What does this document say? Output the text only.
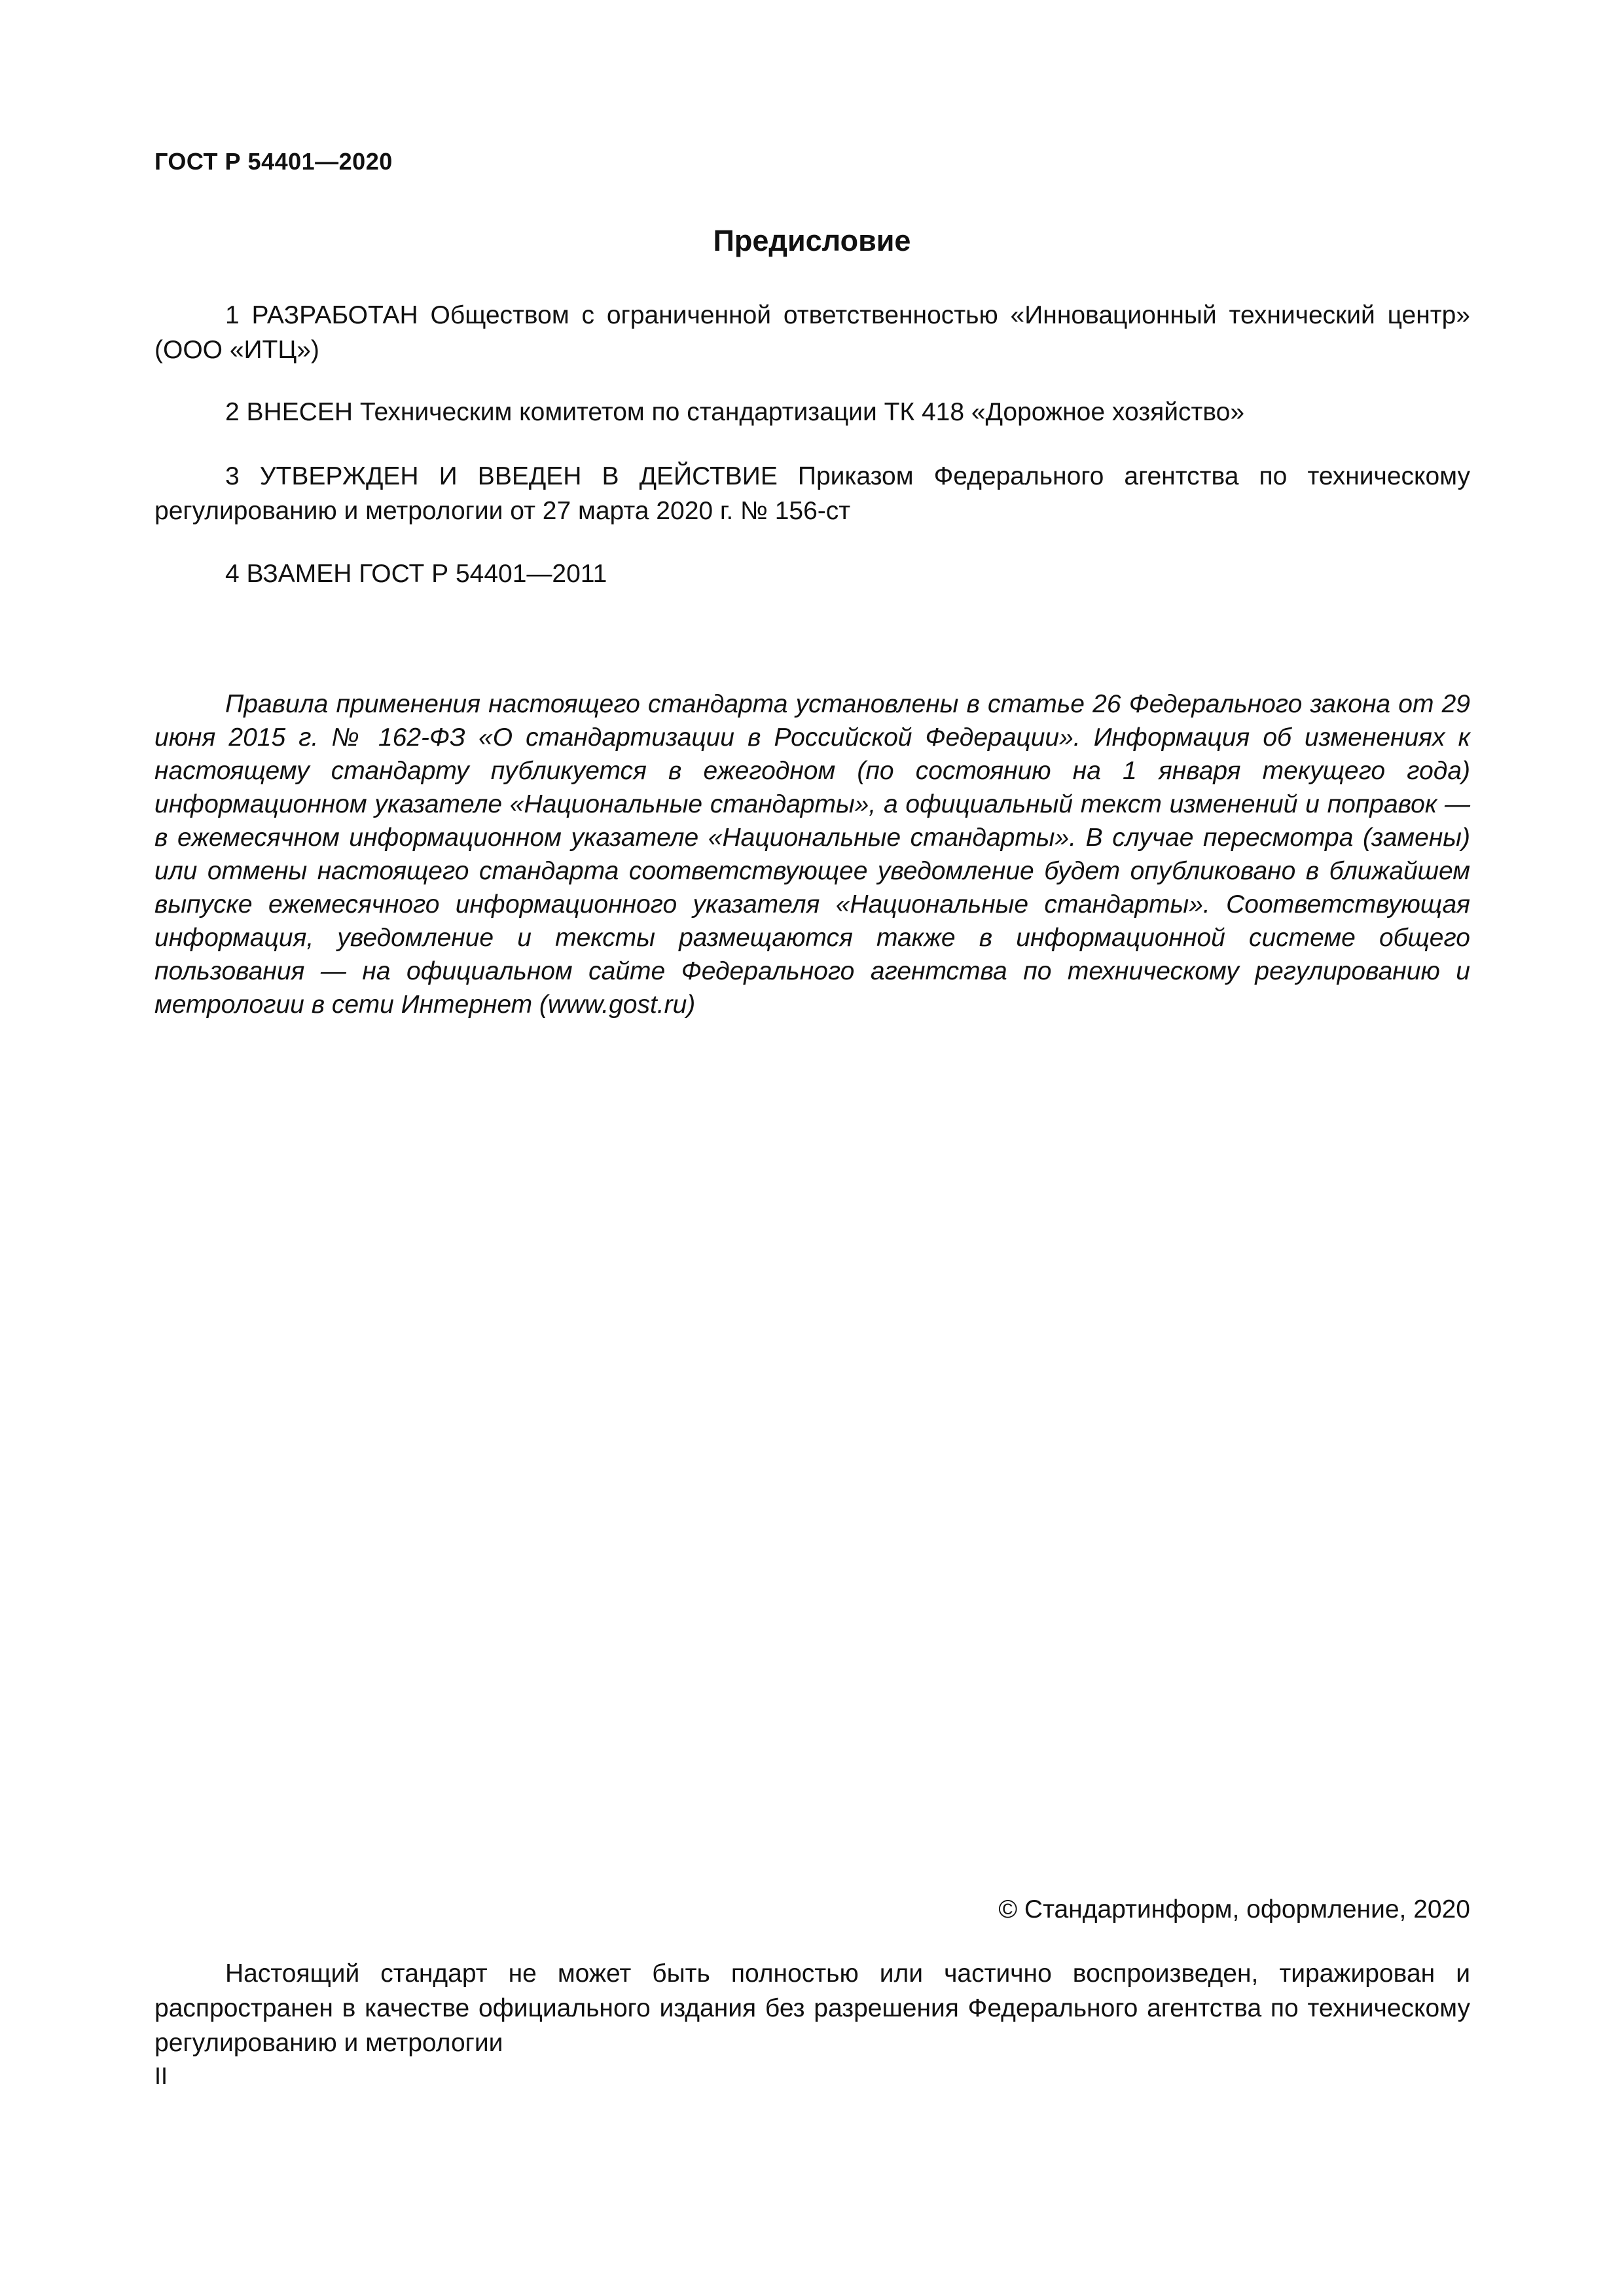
ГОСТ Р 54401—2020
Предисловие

1 РАЗРАБОТАН Обществом с ограниченной ответственностью «Инновационный технический центр» (ООО «ИТЦ»)

2 ВНЕСЕН Техническим комитетом по стандартизации ТК 418 «Дорожное хозяйство»

3 УТВЕРЖДЕН И ВВЕДЕН В ДЕЙСТВИЕ Приказом Федерального агентства по техническому регулированию и метрологии от 27 марта 2020 г. № 156-ст

4 ВЗАМЕН ГОСТ Р 54401—2011

Правила применения настоящего стандарта установлены в статье 26 Федерального закона от 29 июня 2015 г. № 162-ФЗ «О стандартизации в Российской Федерации». Информация об изменениях к настоящему стандарту публикуется в ежегодном (по состоянию на 1 января текущего года) информационном указателе «Национальные стандарты», а официальный текст изменений и поправок — в ежемесячном информационном указателе «Национальные стандарты». В случае пересмотра (замены) или отмены настоящего стандарта соответствующее уведомление будет опубликовано в ближайшем выпуске ежемесячного информационного указателя «Национальные стандарты». Соответствующая информация, уведомление и тексты размещаются также в информационной системе общего пользования — на официальном сайте Федерального агентства по техническому регулированию и метрологии в сети Интернет (www.gost.ru)

© Стандартинформ, оформление, 2020

Настоящий стандарт не может быть полностью или частично воспроизведен, тиражирован и распространен в качестве официального издания без разрешения Федерального агентства по техническому регулированию и метрологии

II
